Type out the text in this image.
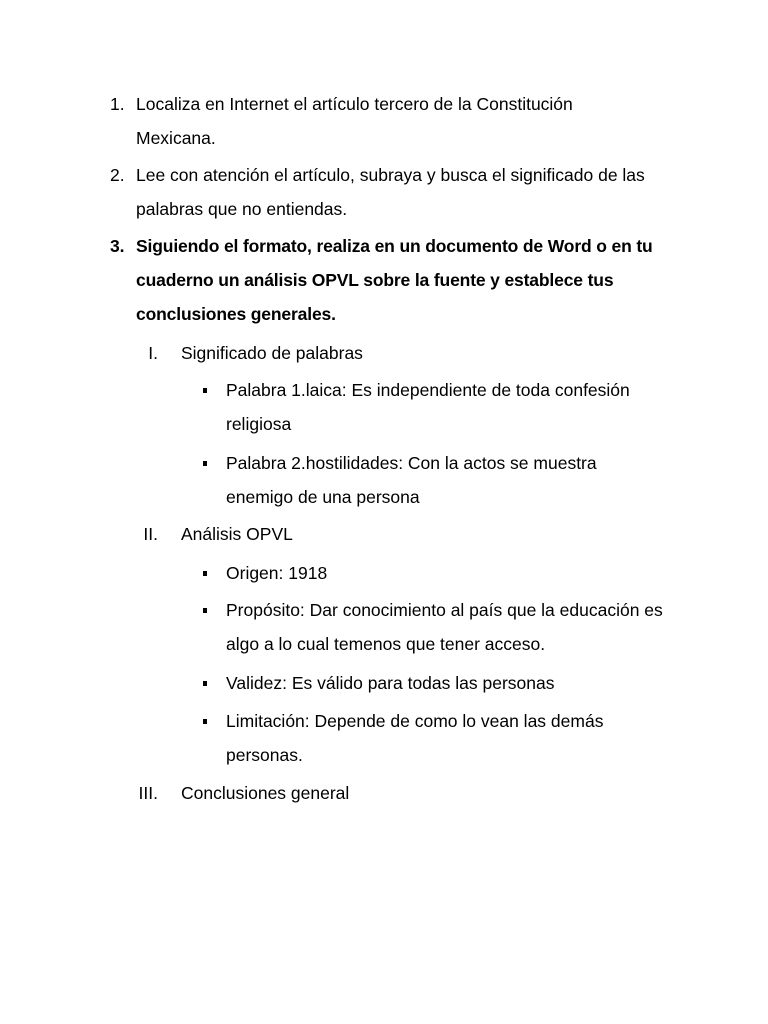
1. Localiza en Internet el artículo tercero de la Constitución Mexicana.
2. Lee con atención el artículo, subraya y busca el significado de las palabras que no entiendas.
3. Siguiendo el formato, realiza en un documento de Word o en tu cuaderno un análisis OPVL sobre la fuente y establece tus conclusiones generales.
I. Significado de palabras
Palabra 1.laica: Es independiente de toda confesión religiosa
Palabra 2.hostilidades: Con la actos se muestra enemigo de una persona
II. Análisis OPVL
Origen: 1918
Propósito: Dar conocimiento al país que la educación es algo a lo cual temenos que tener acceso.
Validez: Es válido para todas las personas
Limitación: Depende de como lo vean las demás personas.
III. Conclusiones general
